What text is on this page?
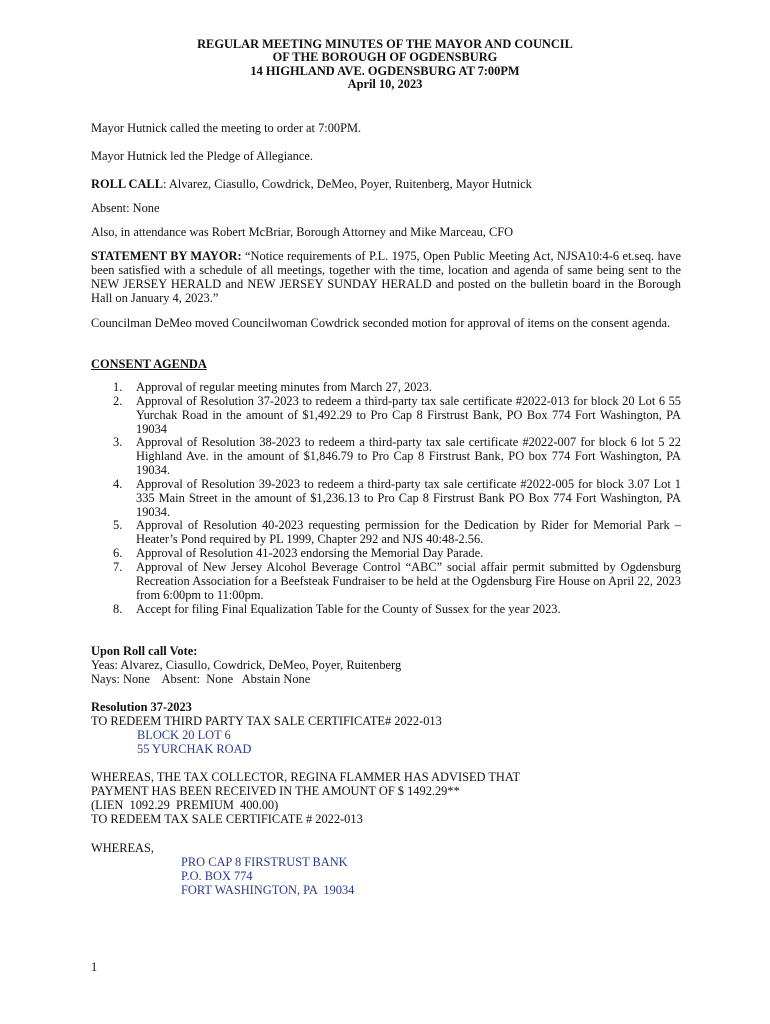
REGULAR MEETING MINUTES OF THE MAYOR AND COUNCIL
OF THE BOROUGH OF OGDENSBURG
14 HIGHLAND AVE. OGDENSBURG AT 7:00PM
April 10, 2023
Mayor Hutnick called the meeting to order at 7:00PM.
Mayor Hutnick led the Pledge of Allegiance.
ROLL CALL: Alvarez, Ciasullo, Cowdrick, DeMeo, Poyer, Ruitenberg, Mayor Hutnick
Absent: None
Also, in attendance was Robert McBriar, Borough Attorney and Mike Marceau, CFO
STATEMENT BY MAYOR: “Notice requirements of P.L. 1975, Open Public Meeting Act, NJSA10:4-6 et.seq. have been satisfied with a schedule of all meetings, together with the time, location and agenda of same being sent to the NEW JERSEY HERALD and NEW JERSEY SUNDAY HERALD and posted on the bulletin board in the Borough Hall on January 4, 2023.”
Councilman DeMeo moved Councilwoman Cowdrick seconded motion for approval of items on the consent agenda.
CONSENT AGENDA
1. Approval of regular meeting minutes from March 27, 2023.
2. Approval of Resolution 37-2023 to redeem a third-party tax sale certificate #2022-013 for block 20 Lot 6 55 Yurchak Road in the amount of $1,492.29 to Pro Cap 8 Firstrust Bank, PO Box 774 Fort Washington, PA 19034
3. Approval of Resolution 38-2023 to redeem a third-party tax sale certificate #2022-007 for block 6 lot 5 22 Highland Ave. in the amount of $1,846.79 to Pro Cap 8 Firstrust Bank, PO box 774 Fort Washington, PA 19034.
4. Approval of Resolution 39-2023 to redeem a third-party tax sale certificate #2022-005 for block 3.07 Lot 1 335 Main Street in the amount of $1,236.13 to Pro Cap 8 Firstrust Bank PO Box 774 Fort Washington, PA 19034.
5. Approval of Resolution 40-2023 requesting permission for the Dedication by Rider for Memorial Park – Heater’s Pond required by PL 1999, Chapter 292 and NJS 40:48-2.56.
6. Approval of Resolution 41-2023 endorsing the Memorial Day Parade.
7. Approval of New Jersey Alcohol Beverage Control “ABC” social affair permit submitted by Ogdensburg Recreation Association for a Beefsteak Fundraiser to be held at the Ogdensburg Fire House on April 22, 2023 from 6:00pm to 11:00pm.
8. Accept for filing Final Equalization Table for the County of Sussex for the year 2023.
Upon Roll call Vote:
Yeas: Alvarez, Ciasullo, Cowdrick, DeMeo, Poyer, Ruitenberg
Nays: None    Absent:  None   Abstain None
Resolution 37-2023
TO REDEEM THIRD PARTY TAX SALE CERTIFICATE# 2022-013
BLOCK 20 LOT 6
55 YURCHAK ROAD
WHEREAS, THE TAX COLLECTOR, REGINA FLAMMER HAS ADVISED THAT
PAYMENT HAS BEEN RECEIVED IN THE AMOUNT OF $ 1492.29**
(LIEN  1092.29  PREMIUM  400.00)
TO REDEEM TAX SALE CERTIFICATE # 2022-013
WHEREAS,
PRO CAP 8 FIRSTRUST BANK
P.O. BOX 774
FORT WASHINGTON, PA  19034
1
